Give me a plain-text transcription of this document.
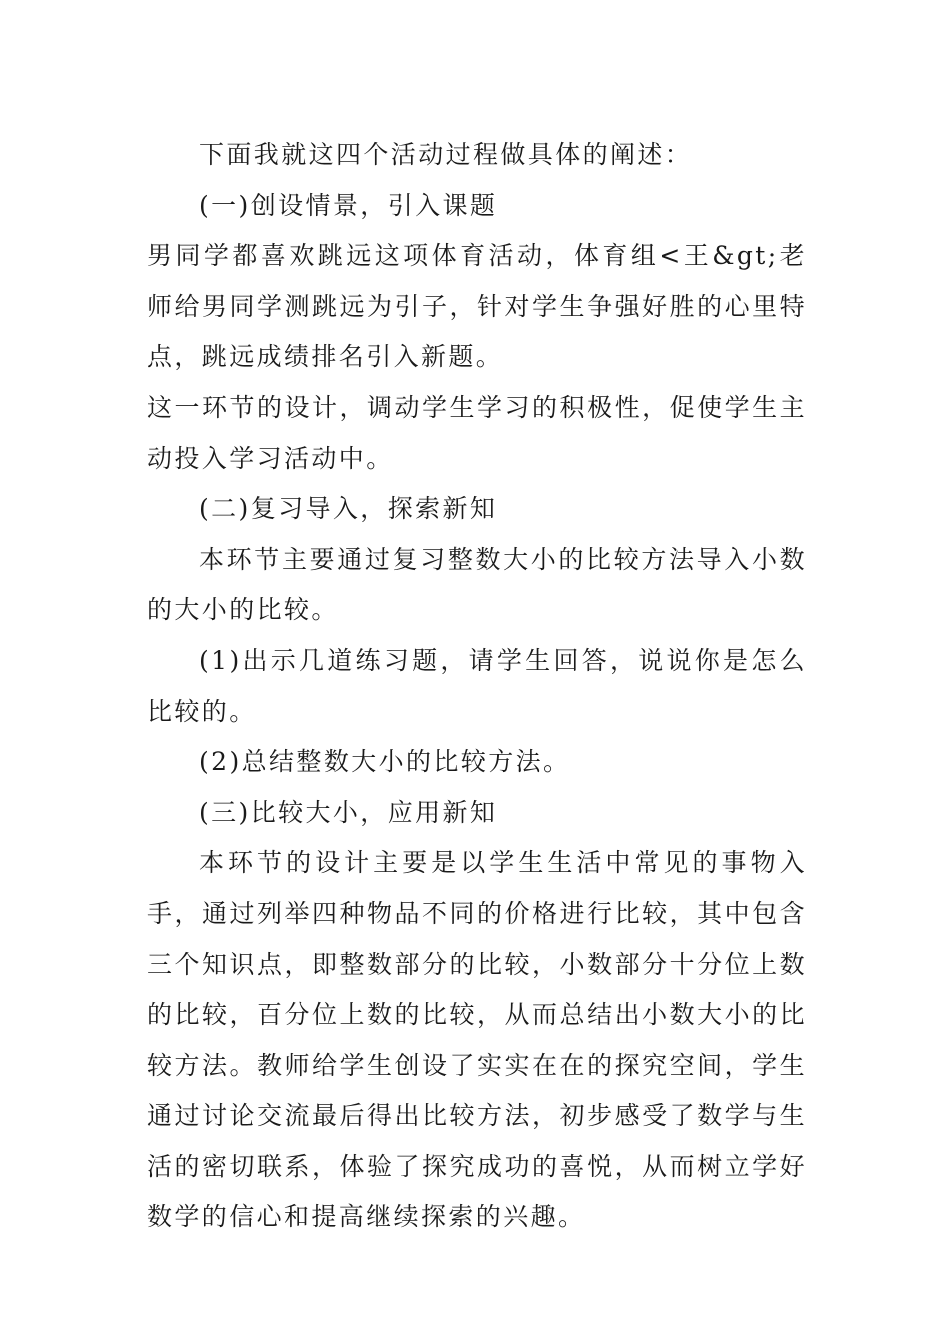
下面我就这四个活动过程做具体的阐述：

(一)创设情景，引入课题

男同学都喜欢跳远这项体育活动，体育组<王&gt;老师给男同学测跳远为引子，针对学生争强好胜的心里特点，跳远成绩排名引入新题。

这一环节的设计，调动学生学习的积极性，促使学生主动投入学习活动中。

(二)复习导入，探索新知

本环节主要通过复习整数大小的比较方法导入小数的大小的比较。

(1)出示几道练习题，请学生回答，说说你是怎么比较的。

(2)总结整数大小的比较方法。

(三)比较大小，应用新知

本环节的设计主要是以学生生活中常见的事物入手，通过列举四种物品不同的价格进行比较，其中包含三个知识点，即整数部分的比较，小数部分十分位上数的比较，百分位上数的比较，从而总结出小数大小的比较方法。教师给学生创设了实实在在的探究空间，学生通过讨论交流最后得出比较方法，初步感受了数学与生活的密切联系，体验了探究成功的喜悦，从而树立学好数学的信心和提高继续探索的兴趣。
